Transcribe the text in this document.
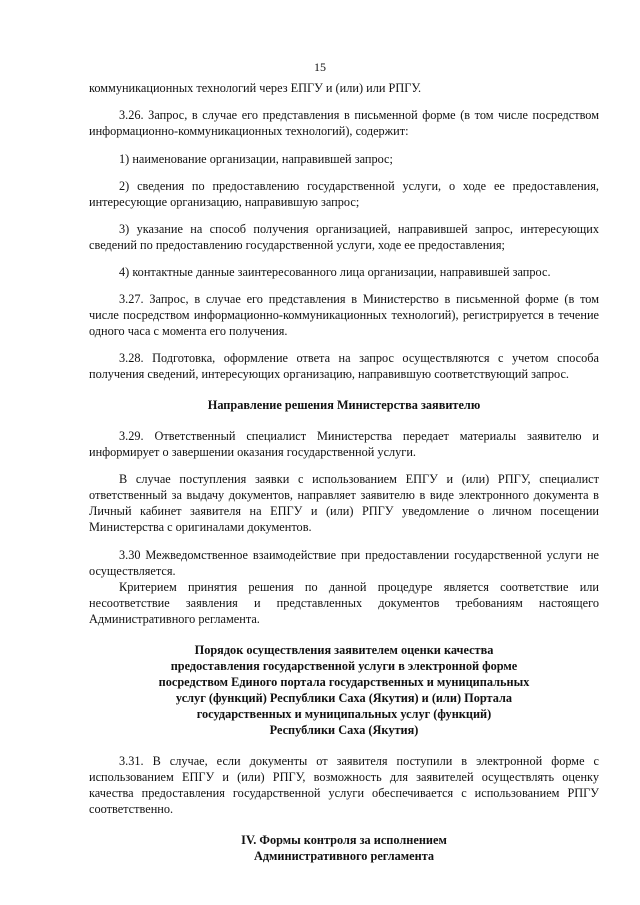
15

коммуникационных технологий через ЕПГУ и (или) или РПГУ.

3.26. Запрос, в случае его представления в письменной форме (в том числе посредством информационно-коммуникационных технологий), содержит:

1) наименование организации, направившей запрос;

2) сведения по предоставлению государственной услуги, о ходе ее предоставления, интересующие организацию, направившую запрос;

3) указание на способ получения организацией, направившей запрос, интересующих сведений по предоставлению государственной услуги, ходе ее предоставления;

4) контактные данные заинтересованного лица организации, направившей запрос.

3.27. Запрос, в случае его представления в Министерство в письменной форме (в том числе посредством информационно-коммуникационных технологий), регистрируется в течение одного часа с момента его получения.

3.28. Подготовка, оформление ответа на запрос осуществляются с учетом способа получения сведений, интересующих организацию, направившую соответствующий запрос.

Направление решения Министерства заявителю

3.29. Ответственный специалист Министерства передает материалы заявителю и информирует о завершении оказания государственной услуги.

В случае поступления заявки с использованием ЕПГУ и (или) РПГУ, специалист ответственный за выдачу документов, направляет заявителю в виде электронного документа в Личный кабинет заявителя на ЕПГУ и (или) РПГУ уведомление о личном посещении Министерства с оригиналами документов.

3.30 Межведомственное взаимодействие при предоставлении государственной услуги не осуществляется.

Критерием принятия решения по данной процедуре является соответствие или несоответствие заявления и представленных документов требованиям настоящего Административного регламента.

Порядок осуществления заявителем оценки качества
предоставления государственной услуги в электронной форме
посредством Единого портала государственных и муниципальных
услуг (функций) Республики Саха (Якутия) и (или) Портала
государственных и муниципальных услуг (функций)
Республики Саха (Якутия)

3.31. В случае, если документы от заявителя поступили в электронной форме с использованием ЕПГУ и (или) РПГУ, возможность для заявителей осуществлять оценку качества предоставления государственной услуги обеспечивается с использованием РПГУ соответственно.

IV. Формы контроля за исполнением
Административного регламента
